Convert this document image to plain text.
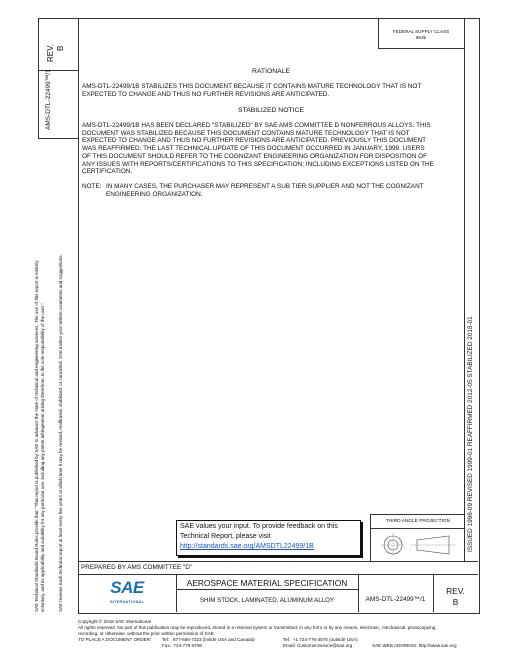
SAE Technical Standards Board Rules provide that: "This report is published by SAE to advance the state of technical and engineering sciences. The use of this report is entirely voluntary, and its applicability and suitability for any particular use, including any patent infringement arising therefrom, is the sole responsibility of the user."	SAE reviews each technical report at least every five years at which time it may be revised, reaffirmed, stabilized, or cancelled. SAE invites your written comments and suggestions.
REV. B
AMS-DTL-22499™/1
FEDERAL SUPPLY CLASS
9535
ISSUED 1998-09 REVISED 1999-01 REAFFIRMED 2012-05 STABILIZED 2018-01
RATIONALE
AMS-DTL-22499/1B STABILIZES THIS DOCUMENT BECAUSE IT CONTAINS MATURE TECHNOLOGY THAT IS NOT
EXPECTED TO CHANGE AND THUS NO FURTHER REVISIONS ARE ANTICIPATED.
STABILIZED NOTICE
AMS-DTL-22499/1B HAS BEEN DECLARED "STABILIZED" BY SAE AMS COMMITTEE D NONFERROUS ALLOYS. THIS
DOCUMENT WAS STABILIZED BECAUSE THIS DOCUMENT CONTAINS MATURE TECHNOLOGY THAT IS NOT
EXPECTED TO CHANGE AND THUS NO FURTHER REVISIONS ARE ANTICIPATED. PREVIOUSLY THIS DOCUMENT
WAS REAFFIRMED. THE LAST TECHNICAL UPDATE OF THIS DOCUMENT OCCURRED IN JANUARY, 1999. USERS
OF THIS DOCUMENT SHOULD REFER TO THE COGNIZANT ENGINEERING ORGANIZATION FOR DISPOSITION OF
ANY ISSUES WITH REPORTS/CERTIFICATIONS TO THIS SPECIFICATION; INCLUDING EXCEPTIONS LISTED ON THE
CERTIFICATION.
NOTE: IN MANY CASES, THE PURCHASER MAY REPRESENT A SUB TIER SUPPLIER AND NOT THE COGNIZANT
ENGINEERING ORGANIZATION.
SAE values your input. To provide feedback on this
Technical Report, please visit
http://standards.sae.org/AMSDTL22499/1B
THIRD ANGLE PROJECTION
PREPARED BY AMS COMMITTEE "D"
SAE
INTERNATIONAL
AEROSPACE MATERIAL SPECIFICATION
SHIM STOCK, LAMINATED, ALUMINUM ALLOY	AMS-DTL-22499™/1
REV.
B
Copyright © 2018 SAE International
All rights reserved. No part of this publication may be reproduced, stored in a retrieval system or transmitted, in any form or by any means, electronic, mechanical, photocopying,
recording, or otherwise, without the prior written permission of SAE.
TO PLACE A DOCUMENT ORDER: Tel:   877-606-7323 (inside USA and Canada)
Fax:  724-776-0790
Tel:  +1 724-776-4970 (outside USA)
Email: CustomerService@sae.org	SAE WEB ADDRESS: http://www.sae.org
